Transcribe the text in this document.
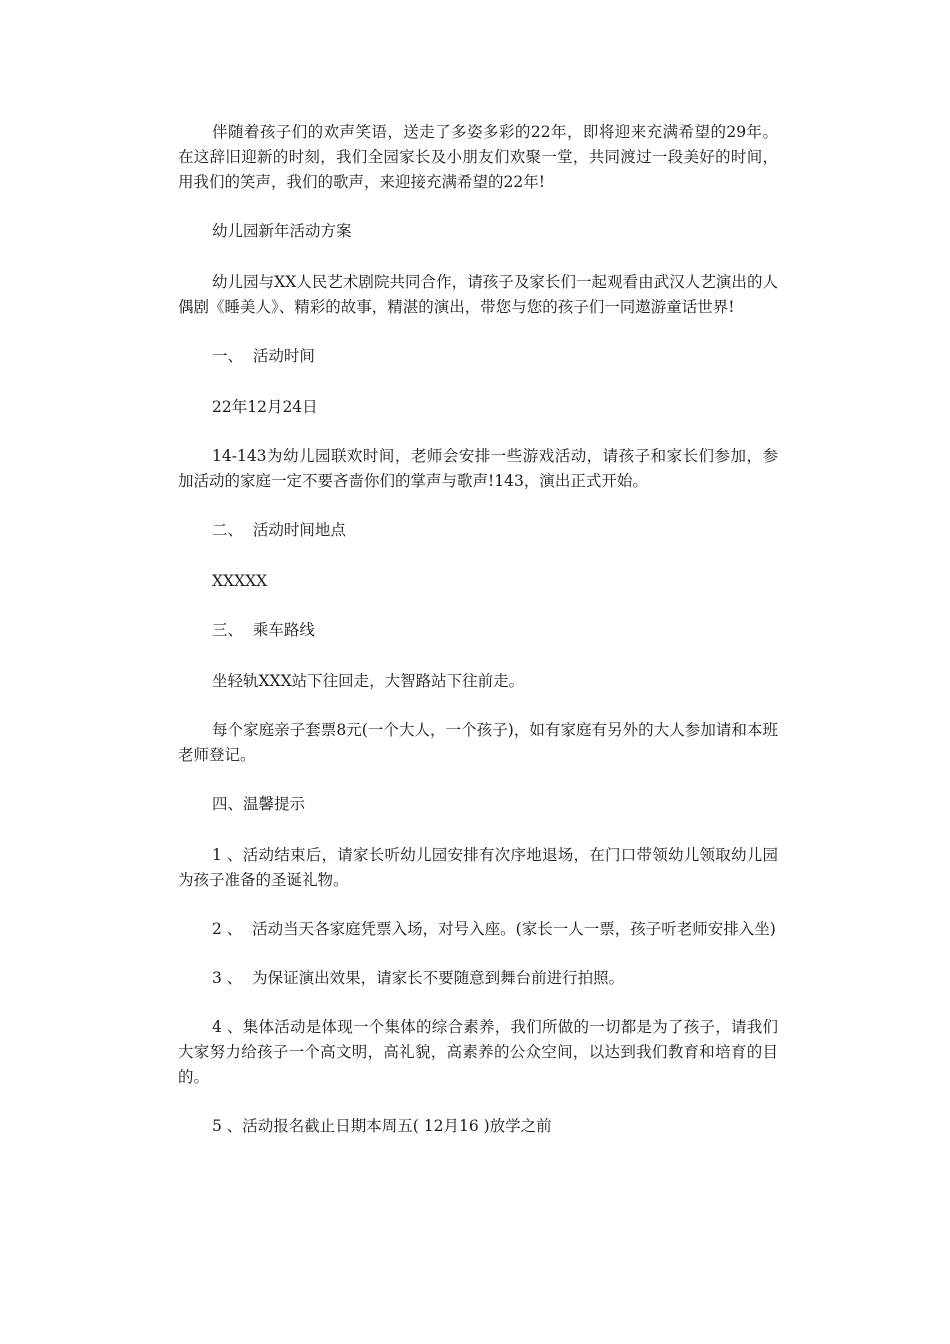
伴随着孩子们的欢声笑语，送走了多姿多彩的22年，即将迎来充满希望的29年。在这辞旧迎新的时刻，我们全园家长及小朋友们欢聚一堂，共同渡过一段美好的时间，用我们的笑声，我们的歌声，来迎接充满希望的22年!

幼儿园新年活动方案

幼儿园与XX人民艺术剧院共同合作，请孩子及家长们一起观看由武汉人艺演出的人偶剧《睡美人》、精彩的故事，精湛的演出，带您与您的孩子们一同遨游童话世界!

一、  活动时间

22年12月24日

14-143为幼儿园联欢时间，老师会安排一些游戏活动，请孩子和家长们参加，参加活动的家庭一定不要吝啬你们的掌声与歌声!143，演出正式开始。

二、  活动时间地点

XXXXX

三、  乘车路线

坐轻轨XXX站下往回走，大智路站下往前走。

每个家庭亲子套票8元(一个大人，一个孩子)，如有家庭有另外的大人参加请和本班老师登记。

四、温馨提示

1 、活动结束后，请家长听幼儿园安排有次序地退场，在门口带领幼儿领取幼儿园为孩子准备的圣诞礼物。

2 、  活动当天各家庭凭票入场，对号入座。(家长一人一票，孩子听老师安排入坐)

3 、  为保证演出效果，请家长不要随意到舞台前进行拍照。

4 、集体活动是体现一个集体的综合素养，我们所做的一切都是为了孩子，请我们大家努力给孩子一个高文明，高礼貌，高素养的公众空间，以达到我们教育和培育的目的。

5 、活动报名截止日期本周五( 12月16 )放学之前
